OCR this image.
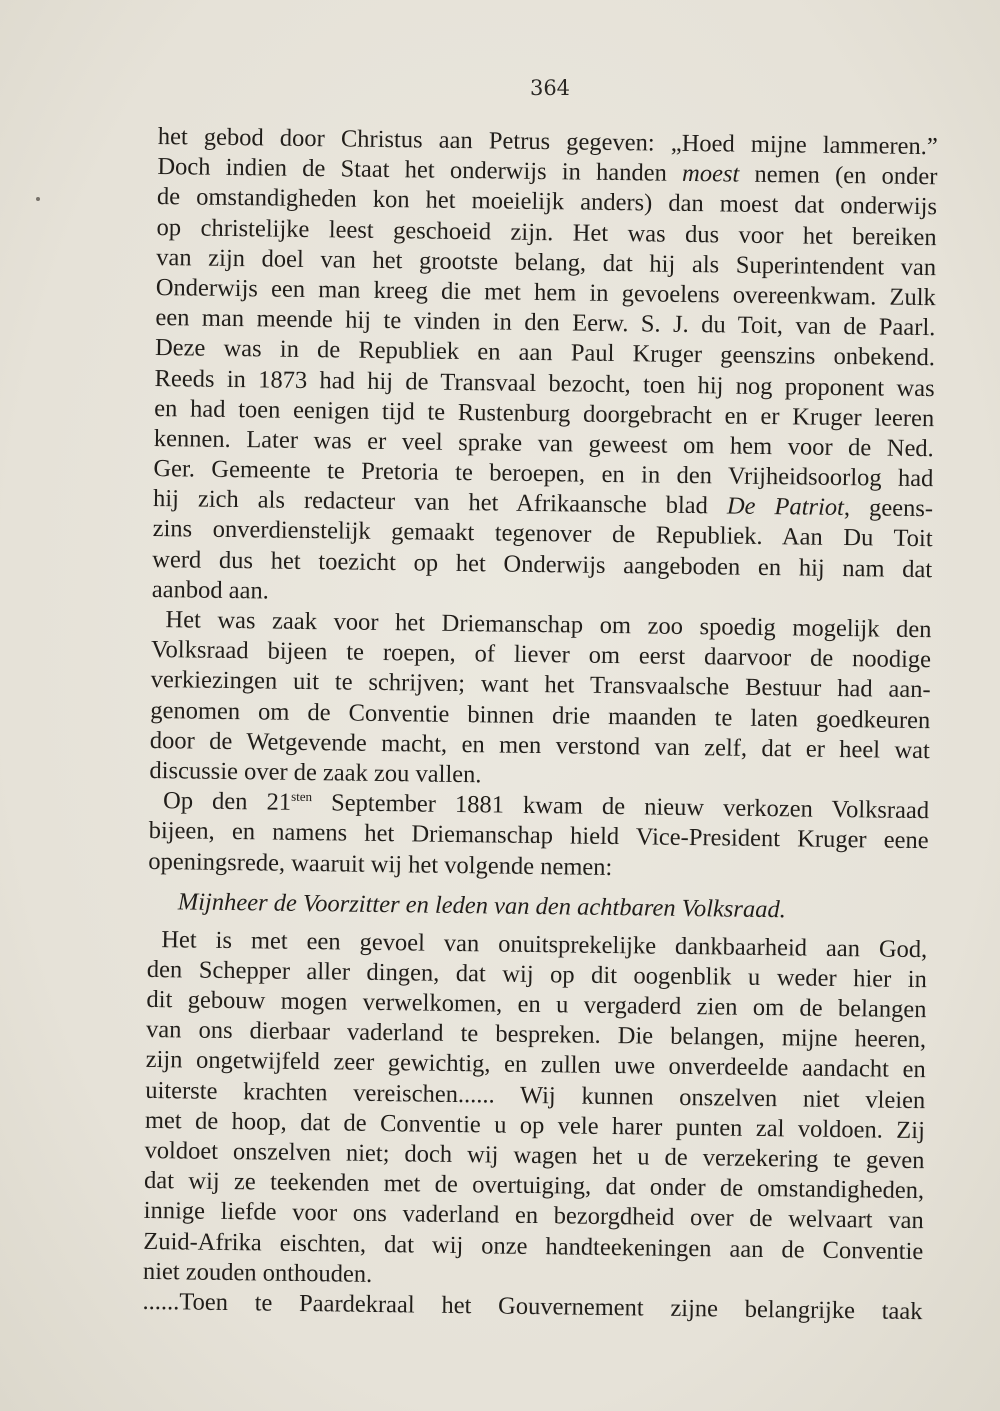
364
het gebod door Christus aan Petrus gegeven: „Hoed mijne lammeren.”
Doch indien de Staat het onderwijs in handen moest nemen (en onder
de omstandigheden kon het moeielijk anders) dan moest dat onderwijs
op christelijke leest geschoeid zijn. Het was dus voor het bereiken
van zijn doel van het grootste belang, dat hij als Superintendent van
Onderwijs een man kreeg die met hem in gevoelens overeenkwam. Zulk
een man meende hij te vinden in den Eerw. S. J. du Toit, van de Paarl.
Deze was in de Republiek en aan Paul Kruger geenszins onbekend.
Reeds in 1873 had hij de Transvaal bezocht, toen hij nog proponent was
en had toen eenigen tijd te Rustenburg doorgebracht en er Kruger leeren
kennen. Later was er veel sprake van geweest om hem voor de Ned.
Ger. Gemeente te Pretoria te beroepen, en in den Vrijheidsoorlog had
hij zich als redacteur van het Afrikaansche blad De Patriot, geens-
zins onverdienstelijk gemaakt tegenover de Republiek. Aan Du Toit
werd dus het toezicht op het Onderwijs aangeboden en hij nam dat
aanbod aan.
Het was zaak voor het Driemanschap om zoo spoedig mogelijk den
Volksraad bijeen te roepen, of liever om eerst daarvoor de noodige
verkiezingen uit te schrijven; want het Transvaalsche Bestuur had aan-
genomen om de Conventie binnen drie maanden te laten goedkeuren
door de Wetgevende macht, en men verstond van zelf, dat er heel wat
discussie over de zaak zou vallen.
Op den $21^{sten}$ September 1881 kwam de nieuw verkozen Volksraad
bijeen, en namens het Driemanschap hield Vice-President Kruger eene
openingsrede, waaruit wij het volgende nemen:
Mijnheer de Voorzitter en leden van den achtbaren Volksraad.
Het is met een gevoel van onuitsprekelijke dankbaarheid aan God,
den Schepper aller dingen, dat wij op dit oogenblik u weder hier in
dit gebouw mogen verwelkomen, en u vergaderd zien om de belangen
van ons dierbaar vaderland te bespreken. Die belangen, mijne heeren,
zijn ongetwijfeld zeer gewichtig, en zullen uwe onverdeelde aandacht en
uiterste krachten vereischen...... Wij kunnen onszelven niet vleien
met de hoop, dat de Conventie u op vele harer punten zal voldoen. Zij
voldoet onszelven niet; doch wij wagen het u de verzekering te geven
dat wij ze teekenden met de overtuiging, dat onder de omstandigheden,
innige liefde voor ons vaderland en bezorgdheid over de welvaart van
Zuid-Afrika eischten, dat wij onze handteekeningen aan de Conventie
niet zouden onthouden.
......Toen te Paardekraal het Gouvernement zijne belangrijke taak
